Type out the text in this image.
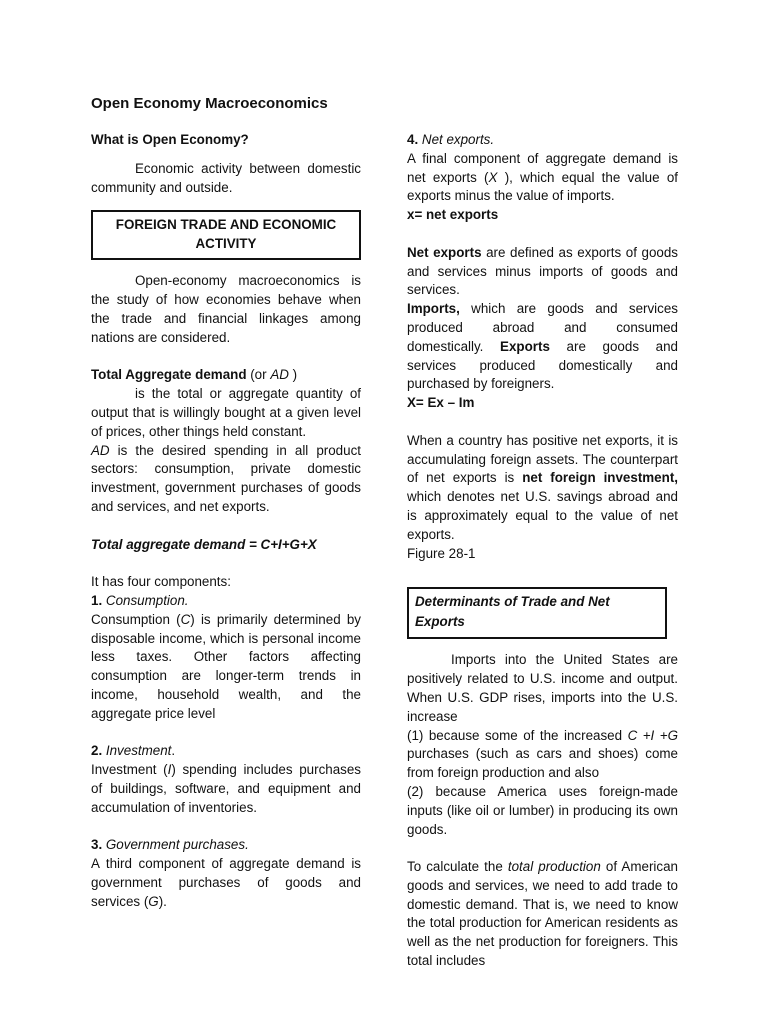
Open Economy Macroeconomics

What is Open Economy?

Economic activity between domestic community and outside.

FOREIGN TRADE AND ECONOMIC ACTIVITY

Open-economy macroeconomics is the study of how economies behave when the trade and financial linkages among nations are considered.

Total Aggregate demand (or AD )

is the total or aggregate quantity of output that is willingly bought at a given level of prices, other things held constant.

AD is the desired spending in all product sectors: consumption, private domestic investment, government purchases of goods and services, and net exports.

Total aggregate demand = C+I+G+X

It has four components:

1. Consumption.

Consumption (C) is primarily determined by disposable income, which is personal income less taxes. Other factors affecting consumption are longer-term trends in income, household wealth, and the aggregate price level

2. Investment.

Investment (I) spending includes purchases of buildings, software, and equipment and accumulation of inventories.

3. Government purchases.

A third component of aggregate demand is government purchases of goods and services (G).

4. Net exports.

A final component of aggregate demand is net exports (X ), which equal the value of exports minus the value of imports.

x= net exports

Net exports are defined as exports of goods and services minus imports of goods and services.

Imports, which are goods and services produced abroad and consumed domestically. Exports are goods and services produced domestically and purchased by foreigners.

X= Ex – Im

When a country has positive net exports, it is accumulating foreign assets. The counterpart of net exports is net foreign investment, which denotes net U.S. savings abroad and is approximately equal to the value of net exports.

Figure 28-1

Determinants of Trade and Net Exports

Imports into the United States are positively related to U.S. income and output. When U.S. GDP rises, imports into the U.S. increase

(1) because some of the increased C +I +G purchases (such as cars and shoes) come from foreign production and also

(2) because America uses foreign-made inputs (like oil or lumber) in producing its own goods.

To calculate the total production of American goods and services, we need to add trade to domestic demand. That is, we need to know the total production for American residents as well as the net production for foreigners. This total includes
